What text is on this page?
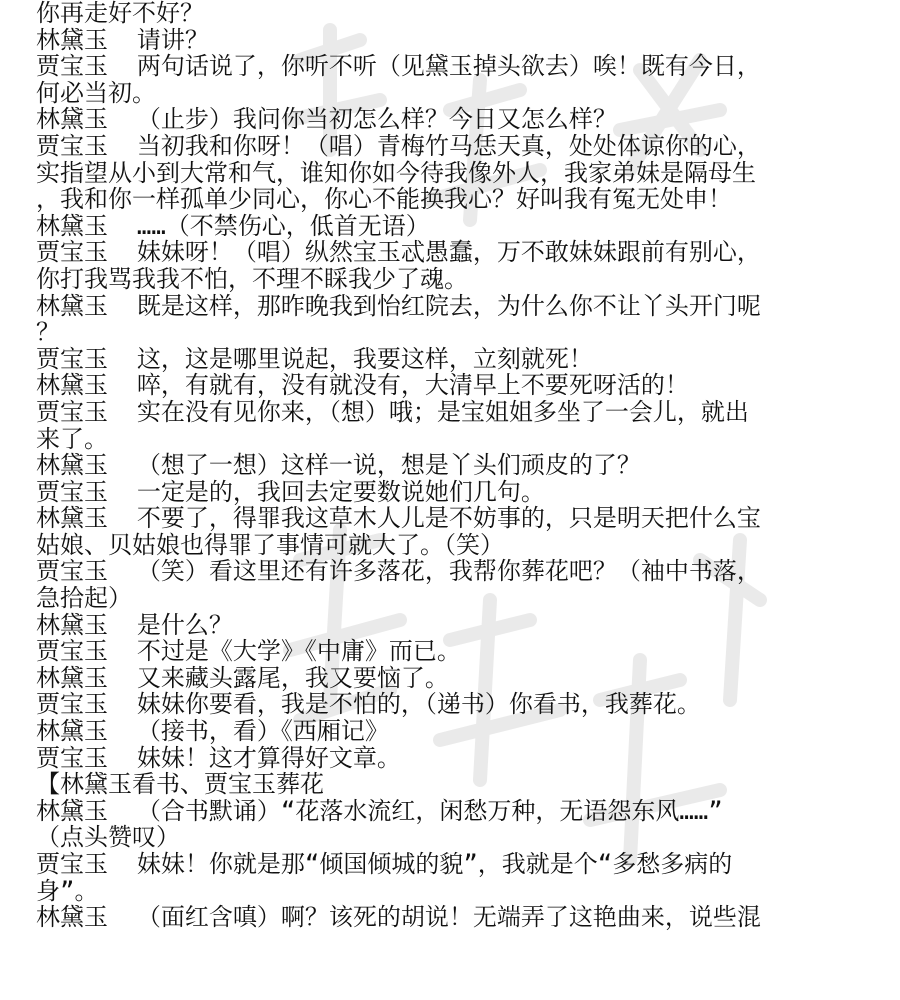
你再走好不好？
林黛玉  请讲？
贾宝玉  两句话说了，你听不听（见黛玉掉头欲去）唉！既有今日，
何必当初。
林黛玉  （止步）我问你当初怎么样？今日又怎么样？
贾宝玉  当初我和你呀！（唱）青梅竹马恁天真，处处体谅你的心，
实指望从小到大常和气，谁知你如今待我像外人，我家弟妹是隔母生
，我和你一样孤单少同心，你心不能换我心？好叫我有冤无处申！
林黛玉  ……（不禁伤心，低首无语）
贾宝玉  妹妹呀！（唱）纵然宝玉忒愚蠢，万不敢妹妹跟前有别心，
你打我骂我我不怕，不理不睬我少了魂。
林黛玉  既是这样，那昨晚我到怡红院去，为什么你不让丫头开门呢
？
贾宝玉  这，这是哪里说起，我要这样，立刻就死！
林黛玉  啐，有就有，没有就没有，大清早上不要死呀活的！
贾宝玉  实在没有见你来，（想）哦；是宝姐姐多坐了一会儿，就出
来了。
林黛玉  （想了一想）这样一说，想是丫头们顽皮的了？
贾宝玉  一定是的，我回去定要数说她们几句。
林黛玉  不要了，得罪我这草木人儿是不妨事的，只是明天把什么宝
姑娘、贝姑娘也得罪了事情可就大了。（笑）
贾宝玉  （笑）看这里还有许多落花，我帮你葬花吧？（袖中书落，
急拾起）
林黛玉  是什么？
贾宝玉  不过是《大学》《中庸》而已。
林黛玉  又来藏头露尾，我又要恼了。
贾宝玉  妹妹你要看，我是不怕的，（递书）你看书，我葬花。
林黛玉  （接书，看）《西厢记》
贾宝玉  妹妹！这才算得好文章。
【林黛玉看书、贾宝玉葬花
林黛玉  （合书默诵）“花落水流红，闲愁万种，无语怨东风……”
（点头赞叹）
贾宝玉  妹妹！你就是那“倾国倾城的貌”，我就是个“多愁多病的
身”。
林黛玉  （面红含嗔）啊？该死的胡说！无端弄了这艳曲来，说些混
